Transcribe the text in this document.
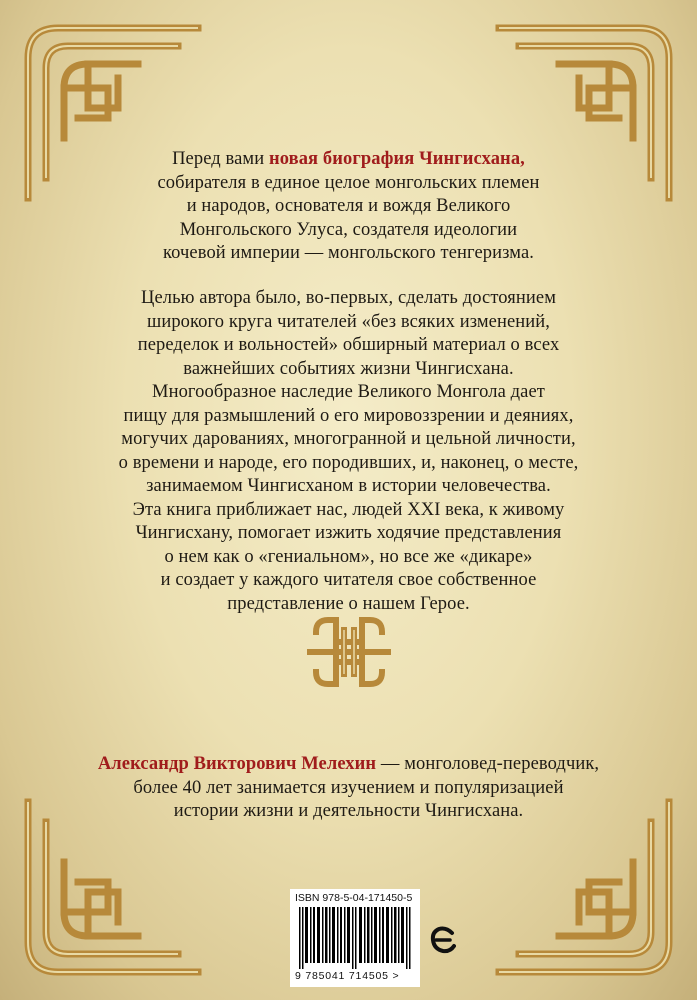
Перед вами новая биография Чингисхана,
собирателя в единое целое монгольских племен
и народов, основателя и вождя Великого
Монгольского Улуса, создателя идеологии
кочевой империи — монгольского тенгеризма.
Целью автора было, во-первых, сделать достоянием
широкого круга читателей «без всяких изменений,
переделок и вольностей» обширный материал о всех
важнейших событиях жизни Чингисхана.
Многообразное наследие Великого Монгола дает
пищу для размышлений о его мировоззрении и деяниях,
могучих дарованиях, многогранной и цельной личности,
о времени и народе, его породивших, и, наконец, о месте,
занимаемом Чингисханом в истории человечества.
Эта книга приближает нас, людей XXI века, к живому
Чингисхану, помогает изжить ходячие представления
о нем как о «гениальном», но все же «дикаре»
и создает у каждого читателя свое собственное
представление о нашем Герое.
Александр Викторович Мелехин — монголовед-переводчик,
более 40 лет занимается изучением и популяризацией
истории жизни и деятельности Чингисхана.
ISBN 978-5-04-171450-5
9 785041 714505 >
